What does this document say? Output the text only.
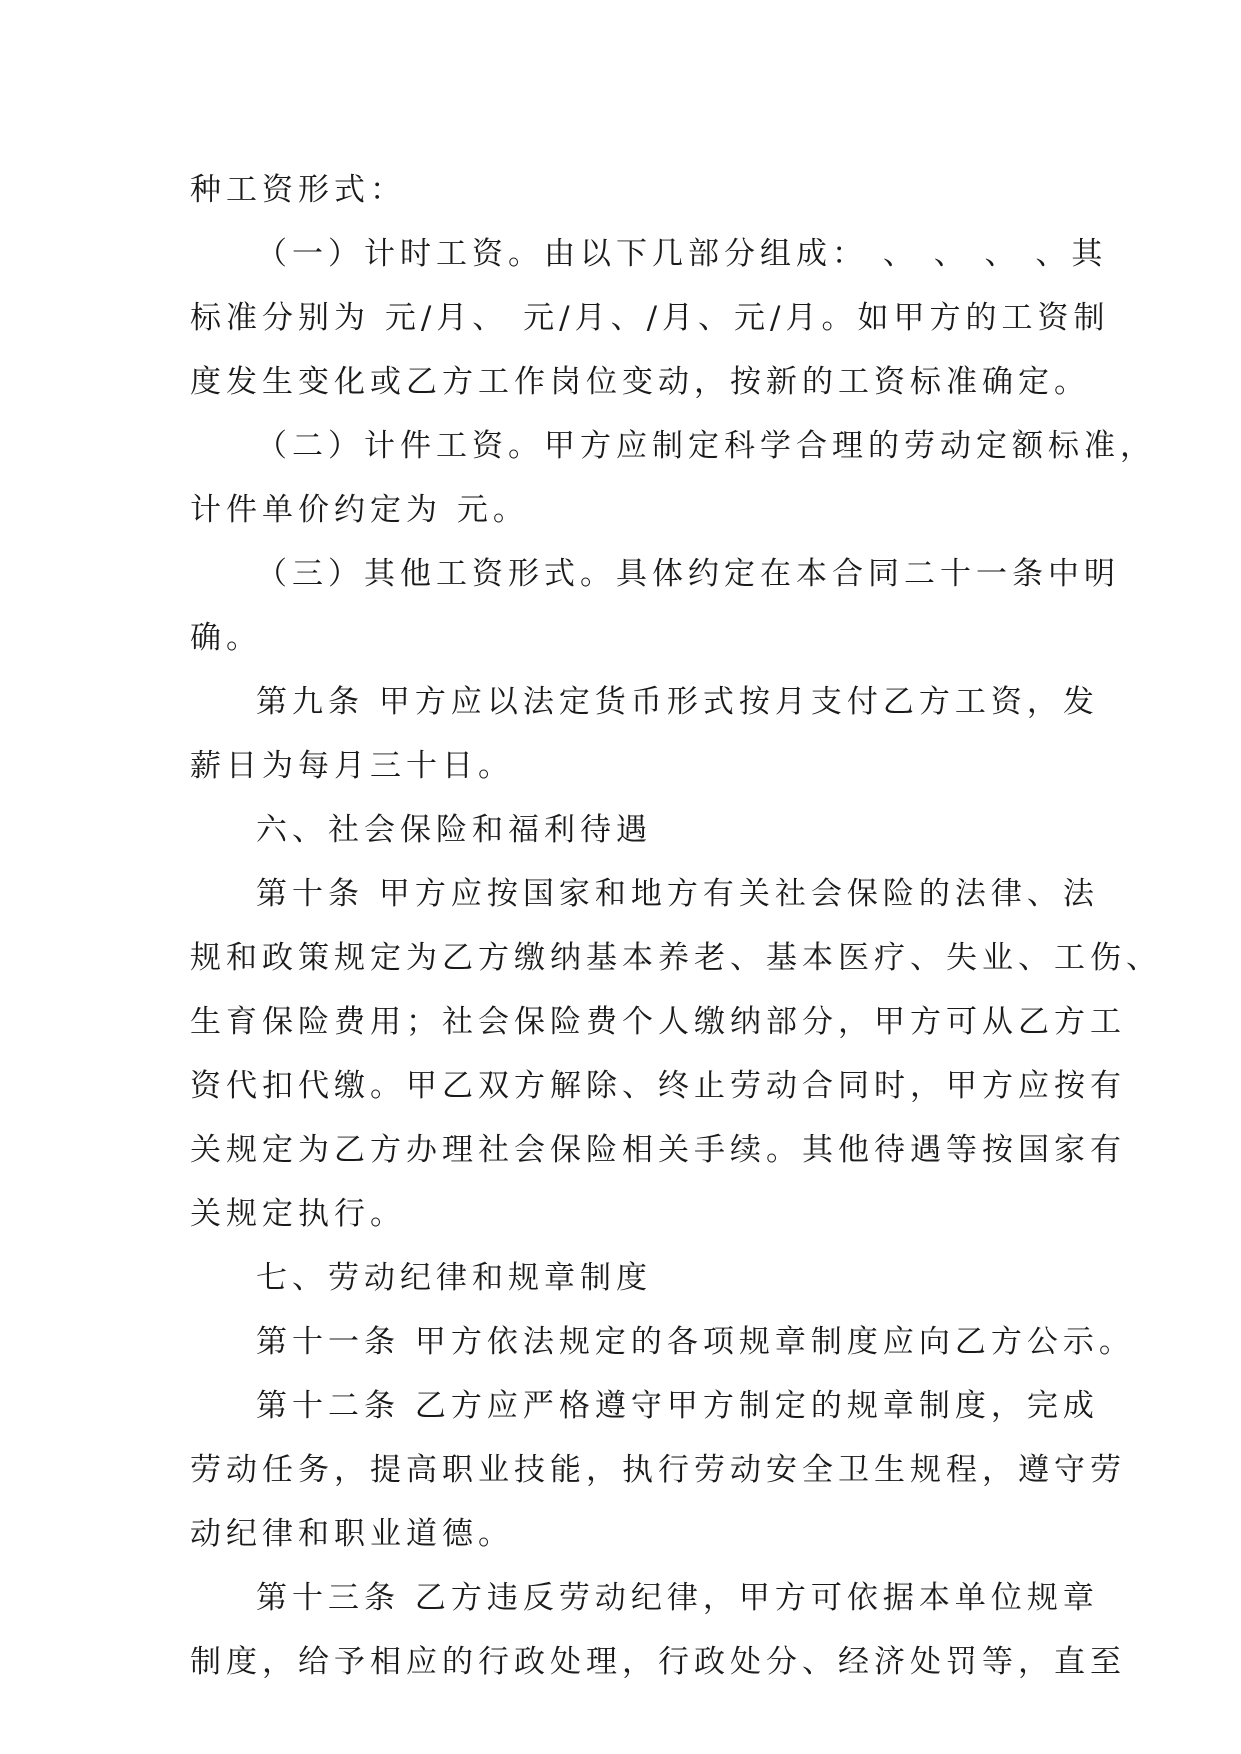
种工资形式：
（一）计时工资。由以下几部分组成： 、 、 、 、其
标准分别为 元/月、 元/月、/月、元/月。如甲方的工资制
度发生变化或乙方工作岗位变动，按新的工资标准确定。
（二）计件工资。甲方应制定科学合理的劳动定额标准，
计件单价约定为 元。
（三）其他工资形式。具体约定在本合同二十一条中明
确。
第九条 甲方应以法定货币形式按月支付乙方工资，发
薪日为每月三十日。
六、社会保险和福利待遇
第十条 甲方应按国家和地方有关社会保险的法律、法
规和政策规定为乙方缴纳基本养老、基本医疗、失业、工伤、
生育保险费用；社会保险费个人缴纳部分，甲方可从乙方工
资代扣代缴。甲乙双方解除、终止劳动合同时，甲方应按有
关规定为乙方办理社会保险相关手续。其他待遇等按国家有
关规定执行。
七、劳动纪律和规章制度
第十一条 甲方依法规定的各项规章制度应向乙方公示。
第十二条 乙方应严格遵守甲方制定的规章制度，完成
劳动任务，提高职业技能，执行劳动安全卫生规程，遵守劳
动纪律和职业道德。
第十三条 乙方违反劳动纪律，甲方可依据本单位规章
制度，给予相应的行政处理，行政处分、经济处罚等，直至
